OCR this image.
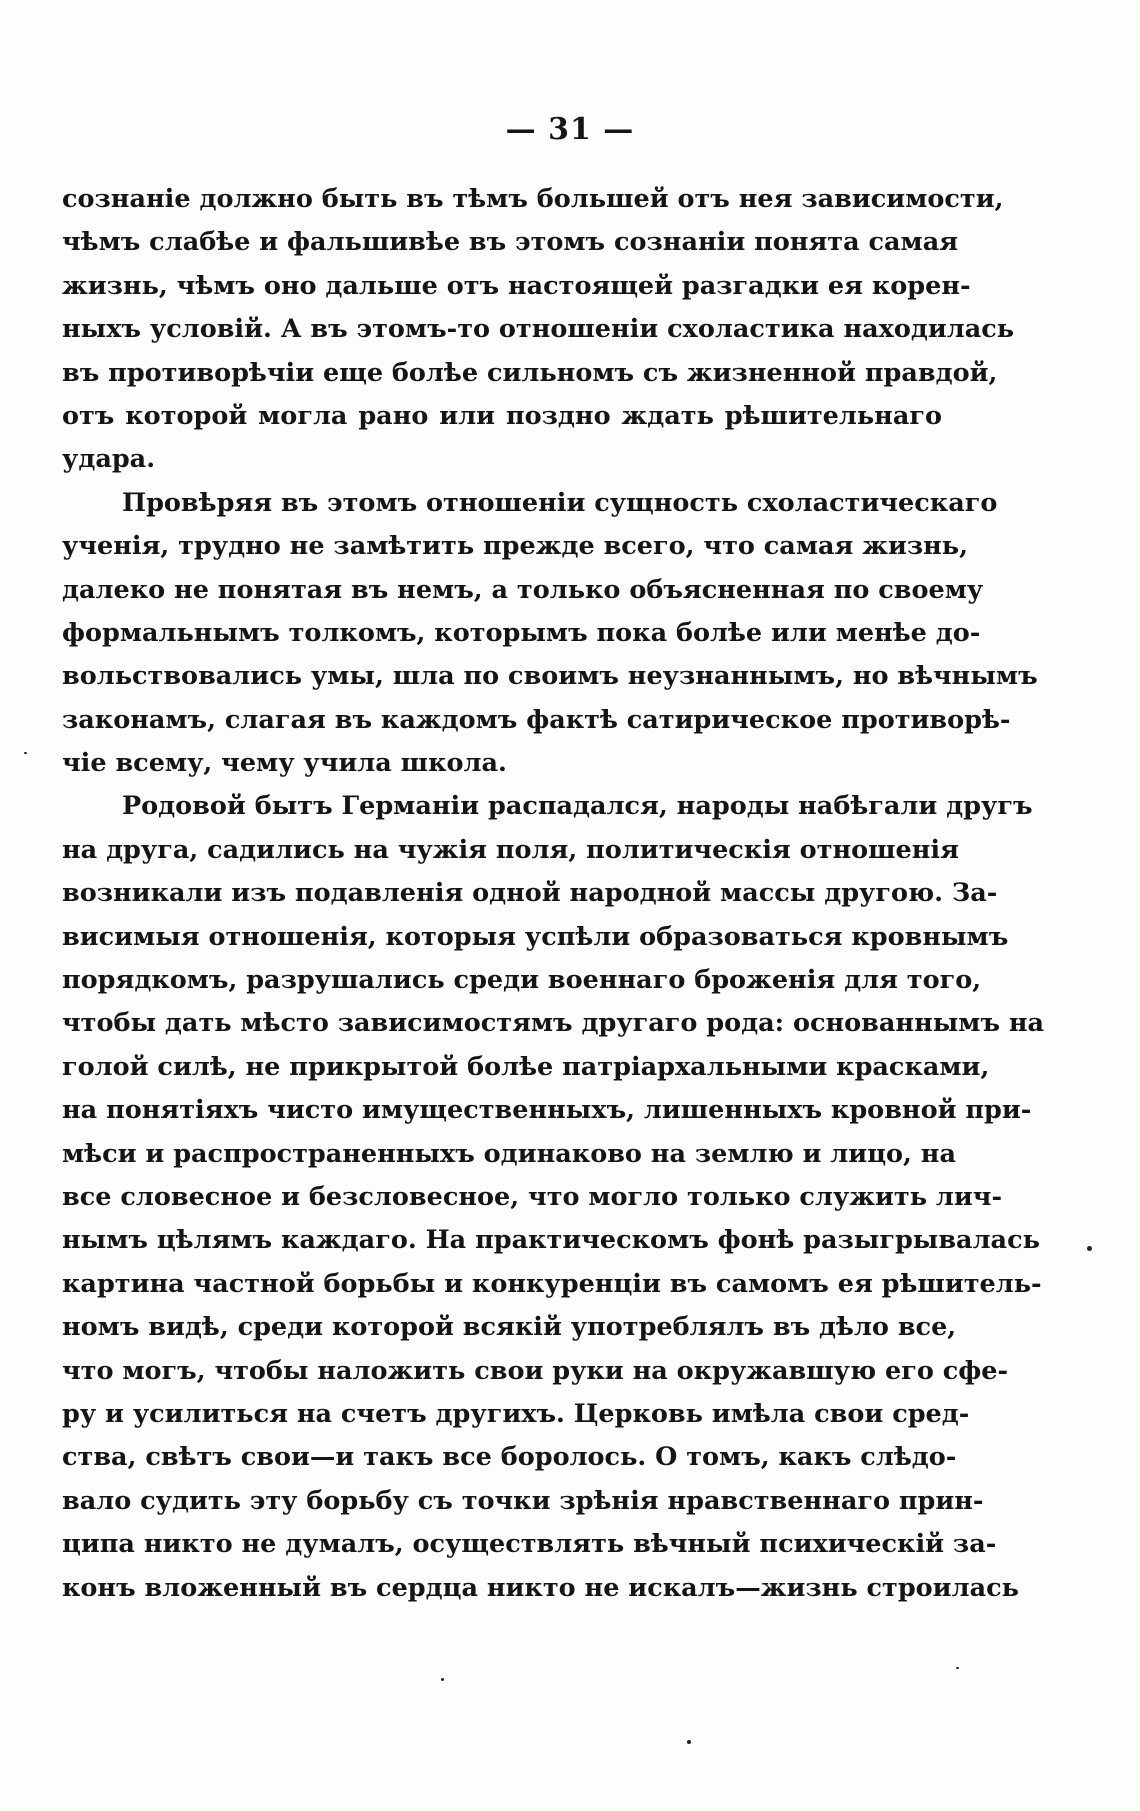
— 31 —
сознаніе должно быть въ тѣмъ большей отъ нея зависимости,
чѣмъ слабѣе и фальшивѣе въ этомъ сознаніи понята самая
жизнь, чѣмъ оно дальше отъ настоящей разгадки ея корен-
ныхъ условій. А въ этомъ-то отношеніи схоластика находилась
въ противорѣчіи еще болѣе сильномъ съ жизненной правдой,
отъ которой могла рано или поздно ждать рѣшительнаго
удара.
Провѣряя въ этомъ отношеніи сущность схоластическаго
ученія, трудно не замѣтить прежде всего, что самая жизнь,
далеко не понятая въ немъ, а только объясненная по своему
формальнымъ толкомъ, которымъ пока болѣе или менѣе до-
вольствовались умы, шла по своимъ неузнаннымъ, но вѣчнымъ
законамъ, слагая въ каждомъ фактѣ сатирическое противорѣ-
чіе всему, чему учила школа.
Родовой бытъ Германіи распадался, народы набѣгали другъ
на друга, садились на чужія поля, политическія отношенія
возникали изъ подавленія одной народной массы другою. За-
висимыя отношенія, которыя успѣли образоваться кровнымъ
порядкомъ, разрушались среди военнаго броженія для того,
чтобы дать мѣсто зависимостямъ другаго рода: основаннымъ на
голой силѣ, не прикрытой болѣе патріархальными красками,
на понятіяхъ чисто имущественныхъ, лишенныхъ кровной при-
мѣси и распространенныхъ одинаково на землю и лицо, на
все словесное и безсловесное, что могло только служить лич-
нымъ цѣлямъ каждаго. На практическомъ фонѣ разыгрывалась
картина частной борьбы и конкуренціи въ самомъ ея рѣшитель-
номъ видѣ, среди которой всякій употреблялъ въ дѣло все,
что могъ, чтобы наложить свои руки на окружавшую его сфе-
ру и усилиться на счетъ другихъ. Церковь имѣла свои сред-
ства, свѣтъ свои—и такъ все боролось. О томъ, какъ слѣдо-
вало судить эту борьбу съ точки зрѣнія нравственнаго прин-
ципа никто не думалъ, осуществлять вѣчный психическій за-
конъ вложенный въ сердца никто не искалъ—жизнь строилась
